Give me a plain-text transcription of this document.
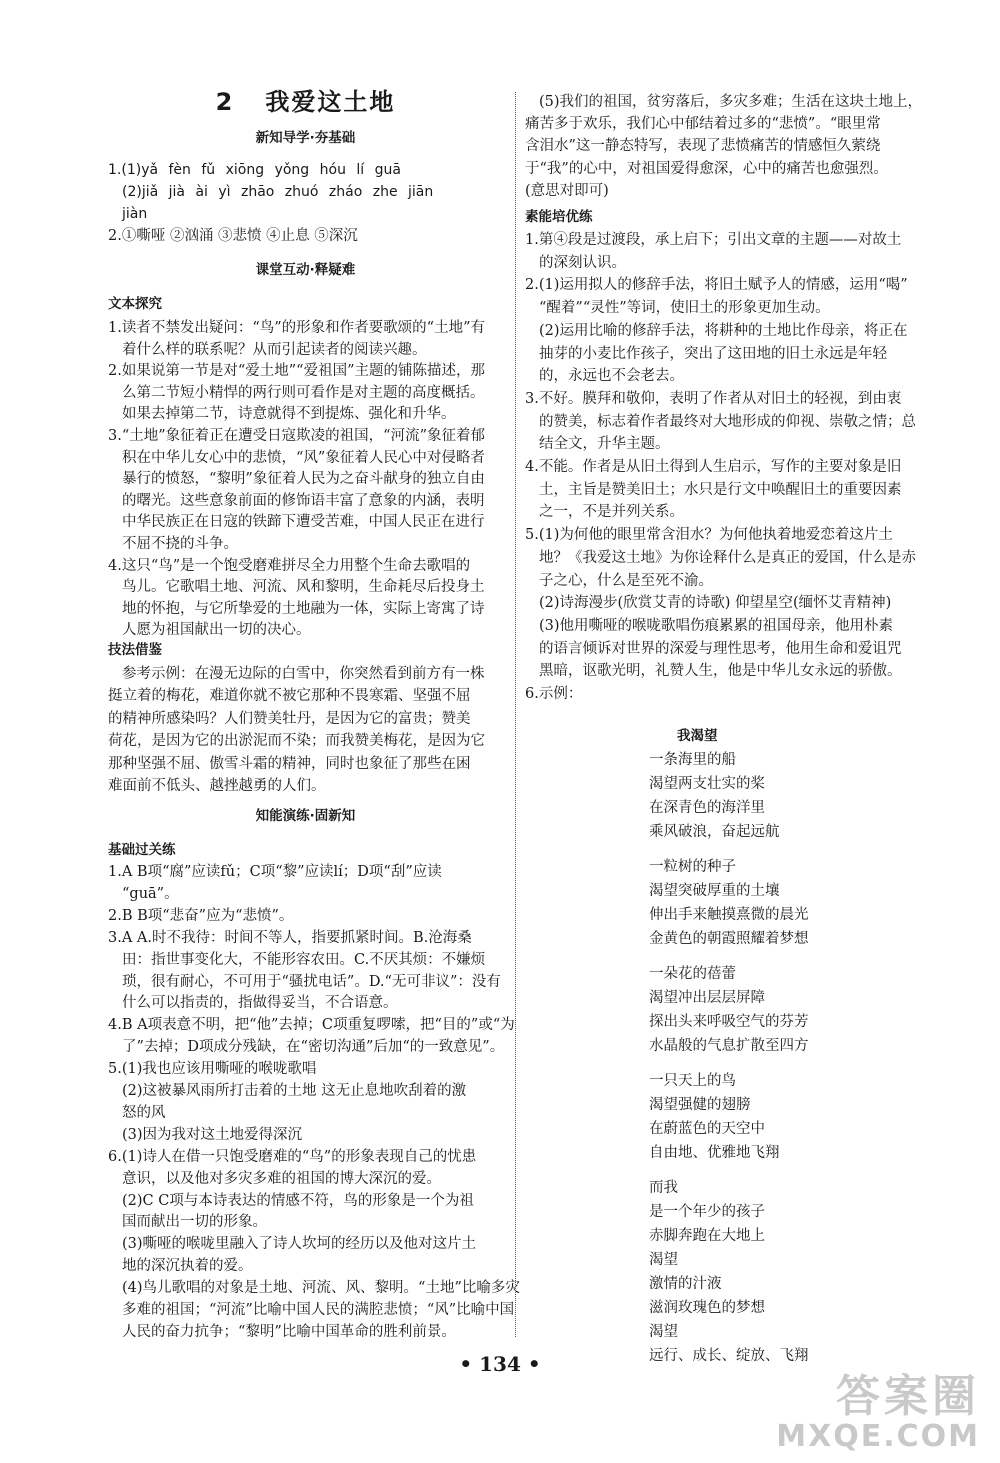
2 我爱这土地
新知导学·夯基础
1.(1)yǎ fèn fǔ xiōng yǒng hóu lí guā
(2)jiǎ jià ài yì zhāo zhuó zháo zhe jiān
jiàn
2.①嘶哑 ②汹涌 ③悲愤 ④止息 ⑤深沉
课堂互动·释疑难
文本探究
1.读者不禁发出疑问：“鸟”的形象和作者要歌颂的“土地”有
着什么样的联系呢？从而引起读者的阅读兴趣。
2.如果说第一节是对“爱土地”“爱祖国”主题的铺陈描述，那
么第二节短小精悍的两行则可看作是对主题的高度概括。
如果去掉第二节，诗意就得不到提炼、强化和升华。
3.“土地”象征着正在遭受日寇欺凌的祖国，“河流”象征着郁
积在中华儿女心中的悲愤，“风”象征着人民心中对侵略者
暴行的愤怒，“黎明”象征着人民为之奋斗献身的独立自由
的曙光。这些意象前面的修饰语丰富了意象的内涵，表明
中华民族正在日寇的铁蹄下遭受苦难，中国人民正在进行
不屈不挠的斗争。
4.这只“鸟”是一个饱受磨难拼尽全力用整个生命去歌唱的
鸟儿。它歌唱土地、河流、风和黎明，生命耗尽后投身土
地的怀抱，与它所挚爱的土地融为一体，实际上寄寓了诗
人愿为祖国献出一切的决心。
技法借鉴
参考示例：在漫无边际的白雪中，你突然看到前方有一株
挺立着的梅花，难道你就不被它那种不畏寒霜、坚强不屈
的精神所感染吗？人们赞美牡丹，是因为它的富贵；赞美
荷花，是因为它的出淤泥而不染；而我赞美梅花，是因为它
那种坚强不屈、傲雪斗霜的精神，同时也象征了那些在困
难面前不低头、越挫越勇的人们。
知能演练·固新知
基础过关练
1.A B项“腐”应读fǔ；C项“黎”应读lí；D项“刮”应读
“guā”。
2.B B项“悲奋”应为“悲愤”。
3.A A.时不我待：时间不等人，指要抓紧时间。B.沧海桑
田：指世事变化大，不能形容农田。C.不厌其烦：不嫌烦
琐，很有耐心，不可用于“骚扰电话”。D.“无可非议”：没有
什么可以指责的，指做得妥当，不合语意。
4.B A项表意不明，把“他”去掉；C项重复啰嗦，把“目的”或“为
了”去掉；D项成分残缺，在“密切沟通”后加“的一致意见”。
5.(1)我也应该用嘶哑的喉咙歌唱
(2)这被暴风雨所打击着的土地 这无止息地吹刮着的激
怒的风
(3)因为我对这土地爱得深沉
6.(1)诗人在借一只饱受磨难的“鸟”的形象表现自己的忧患
意识，以及他对多灾多难的祖国的博大深沉的爱。
(2)C C项与本诗表达的情感不符，鸟的形象是一个为祖
国而献出一切的形象。
(3)嘶哑的喉咙里融入了诗人坎坷的经历以及他对这片土
地的深沉执着的爱。
(4)鸟儿歌唱的对象是土地、河流、风、黎明。“土地”比喻多灾
多难的祖国；“河流”比喻中国人民的满腔悲愤；“风”比喻中国
人民的奋力抗争；“黎明”比喻中国革命的胜利前景。
(5)我们的祖国，贫穷落后，多灾多难；生活在这块土地上，
痛苦多于欢乐，我们心中郁结着过多的“悲愤”。“眼里常
含泪水”这一静态特写，表现了悲愤痛苦的情感恒久萦绕
于“我”的心中，对祖国爱得愈深，心中的痛苦也愈强烈。
(意思对即可)
素能培优练
1.第④段是过渡段，承上启下；引出文章的主题——对故土
的深刻认识。
2.(1)运用拟人的修辞手法，将旧土赋予人的情感，运用“喝”
“醒着”“灵性”等词，使旧土的形象更加生动。
(2)运用比喻的修辞手法，将耕种的土地比作母亲，将正在
抽芽的小麦比作孩子，突出了这田地的旧土永远是年轻
的，永远也不会老去。
3.不好。膜拜和敬仰，表明了作者从对旧土的轻视，到由衷
的赞美，标志着作者最终对大地形成的仰视、崇敬之情；总
结全文，升华主题。
4.不能。作者是从旧土得到人生启示，写作的主要对象是旧
土，主旨是赞美旧土；水只是行文中唤醒旧土的重要因素
之一，不是并列关系。
5.(1)为何他的眼里常含泪水？为何他执着地爱恋着这片土
地？《我爱这土地》为你诠释什么是真正的爱国，什么是赤
子之心，什么是至死不渝。
(2)诗海漫步(欣赏艾青的诗歌) 仰望星空(缅怀艾青精神)
(3)他用嘶哑的喉咙歌唱伤痕累累的祖国母亲，他用朴素
的语言倾诉对世界的深爱与理性思考，他用生命和爱诅咒
黑暗，讴歌光明，礼赞人生，他是中华儿女永远的骄傲。
6.示例：
我渴望
一条海里的船
渴望两支壮实的桨
在深青色的海洋里
乘风破浪，奋起远航
一粒树的种子
渴望突破厚重的土壤
伸出手来触摸熹微的晨光
金黄色的朝霞照耀着梦想
一朵花的蓓蕾
渴望冲出层层屏障
探出头来呼吸空气的芬芳
水晶般的气息扩散至四方
一只天上的鸟
渴望强健的翅膀
在蔚蓝色的天空中
自由地、优雅地飞翔
而我
是一个年少的孩子
赤脚奔跑在大地上
渴望
激情的汁液
滋润玫瑰色的梦想
渴望
远行、成长、绽放、飞翔
• 134 •
答案圈
MXQE.COM
